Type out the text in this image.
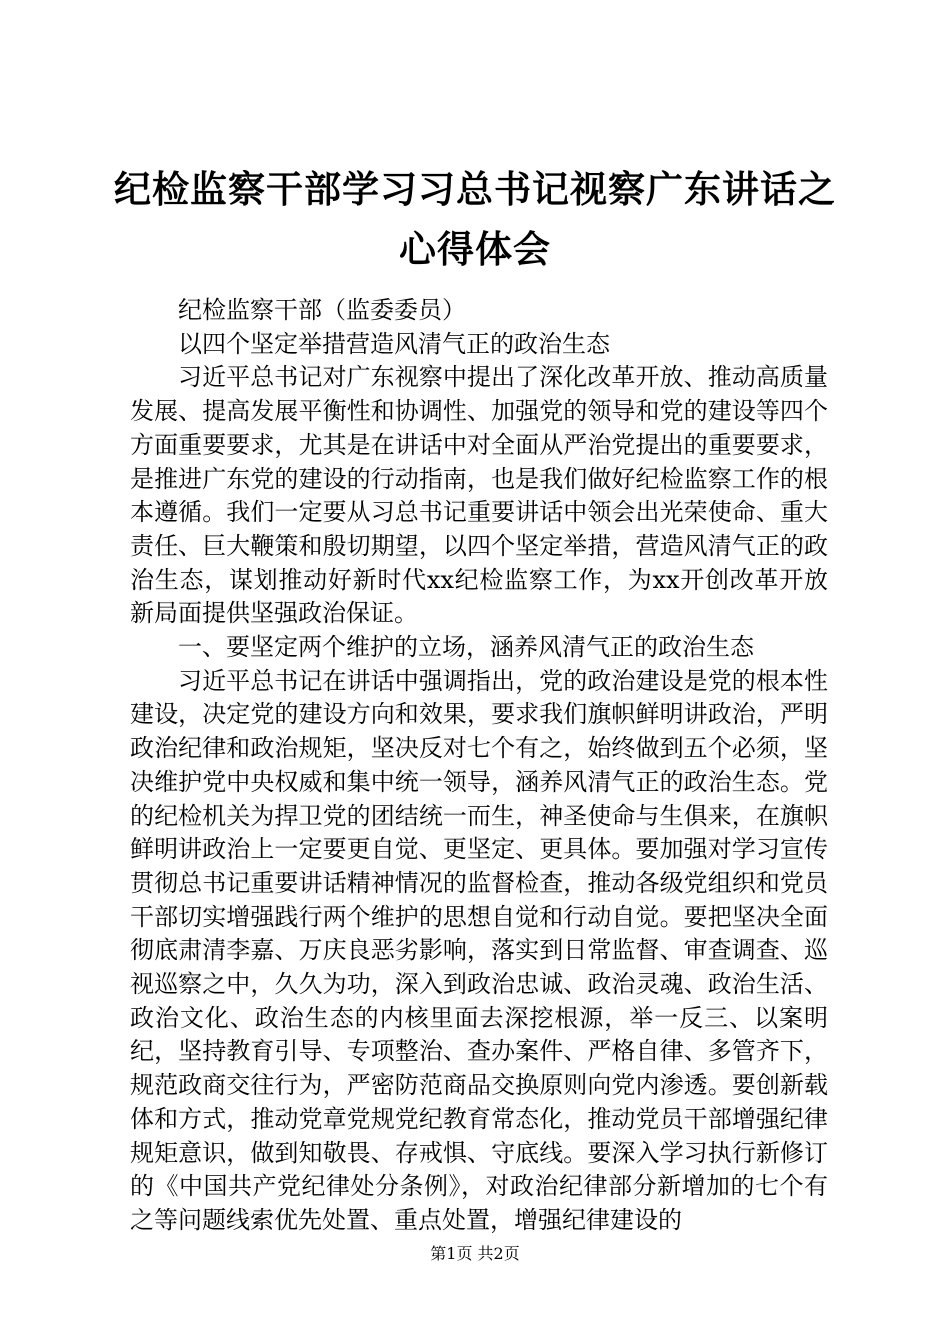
纪检监察干部学习习总书记视察广东讲话之心得体会

纪检监察干部（监委委员）

以四个坚定举措营造风清气正的政治生态

习近平总书记对广东视察中提出了深化改革开放、推动高质量发展、提高发展平衡性和协调性、加强党的领导和党的建设等四个方面重要要求，尤其是在讲话中对全面从严治党提出的重要要求，是推进广东党的建设的行动指南，也是我们做好纪检监察工作的根本遵循。我们一定要从习总书记重要讲话中领会出光荣使命、重大责任、巨大鞭策和殷切期望，以四个坚定举措，营造风清气正的政治生态，谋划推动好新时代xx纪检监察工作，为xx开创改革开放新局面提供坚强政治保证。

一、要坚定两个维护的立场，涵养风清气正的政治生态

习近平总书记在讲话中强调指出，党的政治建设是党的根本性建设，决定党的建设方向和效果，要求我们旗帜鲜明讲政治，严明政治纪律和政治规矩，坚决反对七个有之，始终做到五个必须，坚决维护党中央权威和集中统一领导，涵养风清气正的政治生态。党的纪检机关为捍卫党的团结统一而生，神圣使命与生俱来，在旗帜鲜明讲政治上一定要更自觉、更坚定、更具体。要加强对学习宣传贯彻总书记重要讲话精神情况的监督检查，推动各级党组织和党员干部切实增强践行两个维护的思想自觉和行动自觉。要把坚决全面彻底肃清李嘉、万庆良恶劣影响，落实到日常监督、审查调查、巡视巡察之中，久久为功，深入到政治忠诚、政治灵魂、政治生活、政治文化、政治生态的内核里面去深挖根源，举一反三、以案明纪，坚持教育引导、专项整治、查办案件、严格自律、多管齐下，规范政商交往行为，严密防范商品交换原则向党内渗透。要创新载体和方式，推动党章党规党纪教育常态化，推动党员干部增强纪律规矩意识，做到知敬畏、存戒惧、守底线。要深入学习执行新修订的《中国共产党纪律处分条例》，对政治纪律部分新增加的七个有之等问题线索优先处置、重点处置，增强纪律建设的

第1页 共2页
